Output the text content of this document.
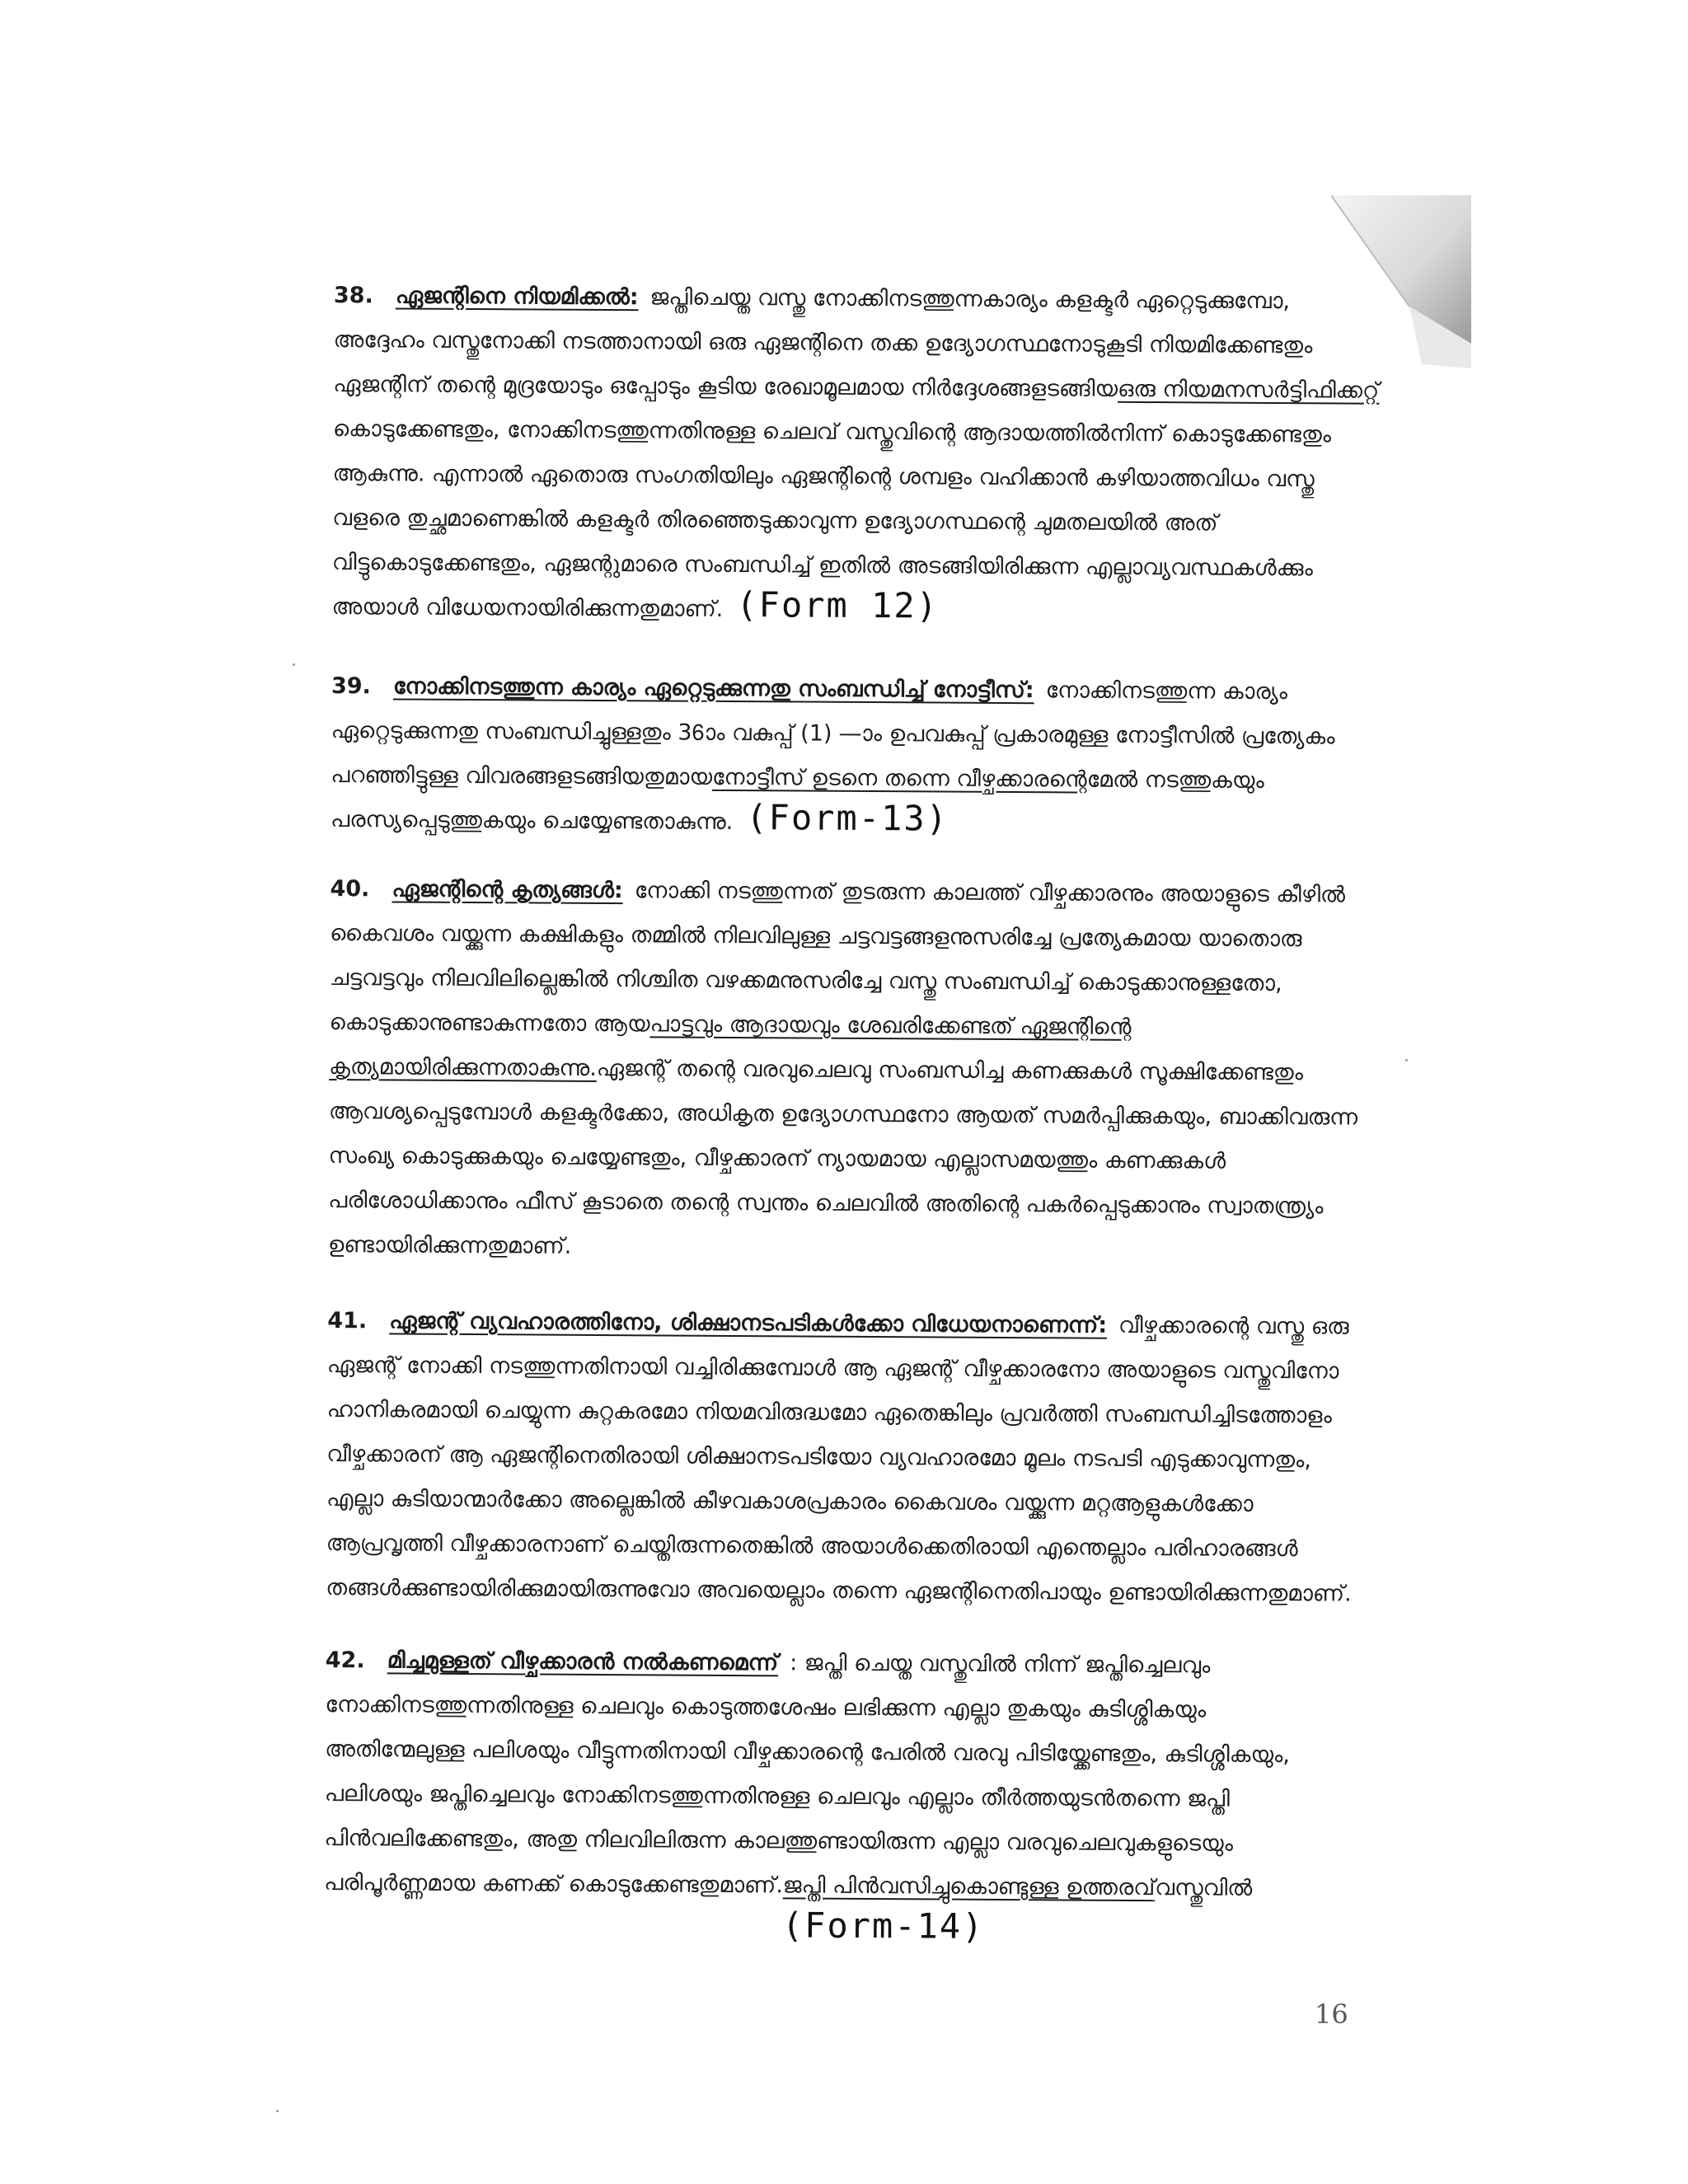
38. ഏജന്റിനെ നിയമിക്കൽ: ജപ്തിചെയ്ത വസ്തു നോക്കിനടത്തുന്നകാര്യം കളക്ടർ ഏറ്റെടുക്കുമ്പോ,
അദ്ദേഹം വസ്തുനോക്കി നടത്താനായി ഒരു ഏജന്റിനെ തക്ക ഉദ്യോഗസ്ഥനോടുകൂടി നിയമിക്കേണ്ടതും
ഏജന്റിന് തന്റെ മുദ്രയോടും ഒപ്പോടും കൂടിയ രേഖാമൂലമായ നിർദ്ദേശങ്ങളടങ്ങിയ ഒരു നിയമനസർട്ടിഫിക്കറ്റ്
കൊടുക്കേണ്ടതും, നോക്കിനടത്തുന്നതിനുള്ള ചെലവ് വസ്തുവിന്റെ ആദായത്തിൽനിന്ന് കൊടുക്കേണ്ടതും
ആകുന്നു. എന്നാൽ ഏതൊരു സംഗതിയിലും ഏജന്റിന്റെ ശമ്പളം വഹിക്കാൻ കഴിയാത്തവിധം വസ്തു
വളരെ തുച്ഛമാണെങ്കിൽ കളക്ടർ തിരഞ്ഞെടുക്കാവുന്ന ഉദ്യോഗസ്ഥന്റെ ചുമതലയിൽ അത്
വിട്ടുകൊടുക്കേണ്ടതും, ഏജന്റുമാരെ സംബന്ധിച്ച് ഇതിൽ അടങ്ങിയിരിക്കുന്ന എല്ലാവ്യവസ്ഥകൾക്കും
അയാൾ വിധേയനായിരിക്കുന്നതുമാണ്. (Form 12)
39. നോക്കിനടത്തുന്ന കാര്യം ഏറ്റെടുക്കുന്നതു സംബന്ധിച്ച് നോട്ടീസ്: നോക്കിനടത്തുന്ന കാര്യം
ഏറ്റെടുക്കുന്നതു സംബന്ധിച്ചുള്ളതും 36ാം വകുപ്പ് (1) —ാം ഉപവകുപ്പ് പ്രകാരമുള്ള നോട്ടീസിൽ പ്രത്യേകം
പറഞ്ഞിട്ടുള്ള വിവരങ്ങളടങ്ങിയതുമായ നോട്ടീസ് ഉടനെ തന്നെ വീഴ്ചക്കാരന്റെ മേൽ നടത്തുകയും
പരസ്യപ്പെടുത്തുകയും ചെയ്യേണ്ടതാകുന്നു. (Form-13)
40. ഏജന്റിന്റെ കൃത്യങ്ങൾ: നോക്കി നടത്തുന്നത് തുടരുന്ന കാലത്ത് വീഴ്ചക്കാരനും അയാളുടെ കീഴിൽ
കൈവശം വയ്ക്കുന്ന കക്ഷികളും തമ്മിൽ നിലവിലുള്ള ചട്ടവട്ടങ്ങളനുസരിച്ചേ പ്രത്യേകമായ യാതൊരു
ചട്ടവട്ടവും നിലവിലില്ലെങ്കിൽ നിശ്ചിത വഴക്കമനുസരിച്ചേ വസ്തു സംബന്ധിച്ച് കൊടുക്കാനുള്ളതോ,
കൊടുക്കാനുണ്ടാകുന്നതോ ആയ പാട്ടവും ആദായവും ശേഖരിക്കേണ്ടത് ഏജന്റിന്റെ
കൃത്യമായിരിക്കുന്നതാകുന്നു. ഏജന്റ് തന്റെ വരവുചെലവു സംബന്ധിച്ച കണക്കുകൾ സൂക്ഷിക്കേണ്ടതും
ആവശ്യപ്പെടുമ്പോൾ കളക്ടർക്കോ, അധികൃത ഉദ്യോഗസ്ഥനോ ആയത് സമർപ്പിക്കുകയും, ബാക്കിവരുന്ന
സംഖ്യ കൊടുക്കുകയും ചെയ്യേണ്ടതും, വീഴ്ചക്കാരന് ന്യായമായ എല്ലാസമയത്തും കണക്കുകൾ
പരിശോധിക്കാനും ഫീസ് കൂടാതെ തന്റെ സ്വന്തം ചെലവിൽ അതിന്റെ പകർപ്പെടുക്കാനും സ്വാതന്ത്ര്യം
ഉണ്ടായിരിക്കുന്നതുമാണ്.
41. ഏജന്റ് വ്യവഹാരത്തിനോ, ശിക്ഷാനടപടികൾക്കോ വിധേയനാണെന്ന്: വീഴ്ചക്കാരന്റെ വസ്തു ഒരു
ഏജന്റ് നോക്കി നടത്തുന്നതിനായി വച്ചിരിക്കുമ്പോൾ ആ ഏജന്റ് വീഴ്ചക്കാരനോ അയാളുടെ വസ്തുവിനോ
ഹാനികരമായി ചെയ്യുന്ന കുറ്റകരമോ നിയമവിരുദ്ധമോ ഏതെങ്കിലും പ്രവർത്തി സംബന്ധിച്ചിടത്തോളം
വീഴ്ചക്കാരന് ആ ഏജന്റിനെതിരായി ശിക്ഷാനടപടിയോ വ്യവഹാരമോ മൂലം നടപടി എടുക്കാവുന്നതും,
എല്ലാ കുടിയാന്മാർക്കോ അല്ലെങ്കിൽ കീഴവകാശപ്രകാരം കൈവശം വയ്ക്കുന്ന മറ്റആളുകൾക്കോ
ആപ്രവൃത്തി വീഴ്ചക്കാരനാണ് ചെയ്തിരുന്നതെങ്കിൽ അയാൾക്കെതിരായി എന്തെല്ലാം പരിഹാരങ്ങൾ
തങ്ങൾക്കുണ്ടായിരിക്കുമായിരുന്നുവോ അവയെല്ലാം തന്നെ ഏജന്റിനെതിപായും ഉണ്ടായിരിക്കുന്നതുമാണ്.
42. മിച്ചമുള്ളത് വീഴ്ചക്കാരൻ നൽകണമെന്ന് : ജപ്തി ചെയ്ത വസ്തുവിൽ നിന്ന് ജപ്തിച്ചെലവും
നോക്കിനടത്തുന്നതിനുള്ള ചെലവും കൊടുത്തശേഷം ലഭിക്കുന്ന എല്ലാ തുകയും കുടിശ്ശികയും
അതിന്മേലുള്ള പലിശയും വീട്ടുന്നതിനായി വീഴ്ചക്കാരന്റെ പേരിൽ വരവു പിടിയ്ക്കേണ്ടതും, കുടിശ്ശികയും,
പലിശയും ജപ്തിച്ചെലവും നോക്കിനടത്തുന്നതിനുള്ള ചെലവും എല്ലാം തീർത്തയുടൻതന്നെ ജപ്തി
പിൻവലിക്കേണ്ടതും, അതു നിലവിലിരുന്ന കാലത്തുണ്ടായിരുന്ന എല്ലാ വരവുചെലവുകളുടെയും
പരിപൂർണ്ണമായ കണക്ക് കൊടുക്കേണ്ടതുമാണ്. ജപ്തി പിൻവസിച്ചുകൊണ്ടുള്ള ഉത്തരവ് വസ്തുവിൽ
(Form-14)
16
